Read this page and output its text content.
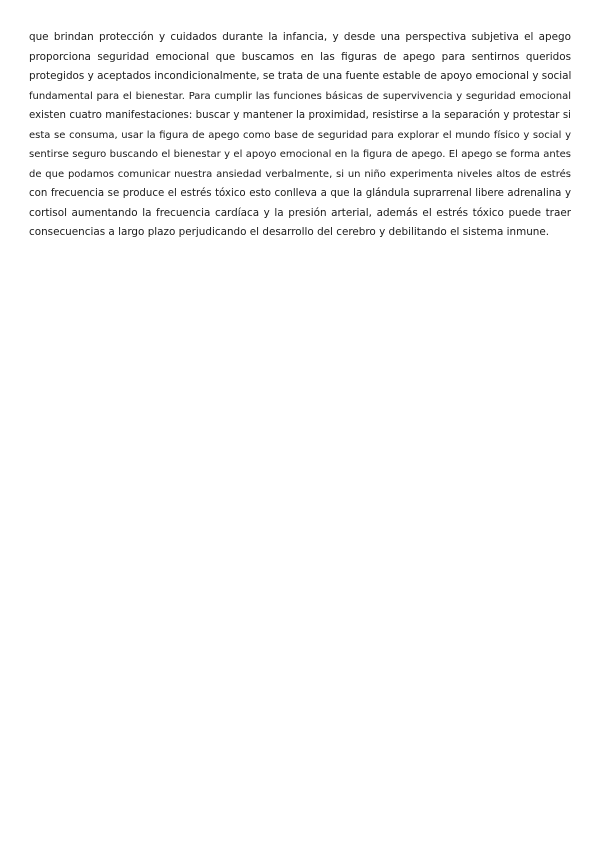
que brindan protección y cuidados durante la infancia, y desde una perspectiva subjetiva el apego
proporciona seguridad emocional que buscamos en las figuras de apego para sentirnos queridos
protegidos y aceptados incondicionalmente, se trata de una fuente estable de apoyo emocional y social
fundamental para el bienestar. Para cumplir las funciones básicas de supervivencia y seguridad emocional
existen cuatro manifestaciones: buscar y mantener la proximidad, resistirse a la separación y protestar si
esta se consuma, usar la figura de apego como base de seguridad para explorar el mundo físico y social y
sentirse seguro buscando el bienestar y el apoyo emocional en la figura de apego. El apego se forma antes
de que podamos comunicar nuestra ansiedad verbalmente, si un niño experimenta niveles altos de estrés
con frecuencia se produce el estrés tóxico esto conlleva a que la glándula suprarrenal libere adrenalina y
cortisol aumentando la frecuencia cardíaca y la presión arterial, además el estrés tóxico puede traer
consecuencias a largo plazo perjudicando el desarrollo del cerebro y debilitando el sistema inmune.
